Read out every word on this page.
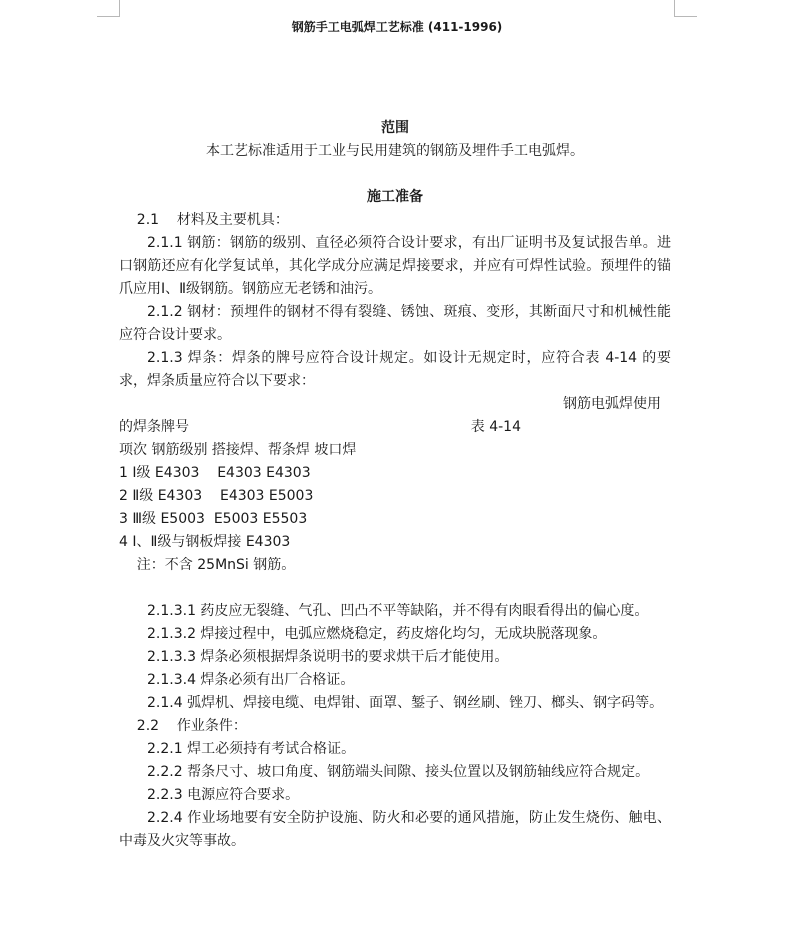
钢筋手工电弧焊工艺标准 (411-1996)
范围
本工艺标准适用于工业与民用建筑的钢筋及埋件手工电弧焊。
施工准备
2.1    材料及主要机具：
2.1.1 钢筋：钢筋的级别、直径必须符合设计要求，有出厂证明书及复试报告单。进口钢筋还应有化学复试单，其化学成分应满足焊接要求，并应有可焊性试验。预埋件的锚爪应用Ⅰ、Ⅱ级钢筋。钢筋应无老锈和油污。
2.1.2 钢材：预埋件的钢材不得有裂缝、锈蚀、斑痕、变形，其断面尺寸和机械性能应符合设计要求。
2.1.3 焊条：焊条的牌号应符合设计规定。如设计无规定时，应符合表 4-14 的要求，焊条质量应符合以下要求：
钢筋电弧焊使用
的焊条牌号	表 4-14
项次 钢筋级别 搭接焊、帮条焊 坡口焊
1 Ⅰ级 E4303    E4303 E4303
2 Ⅱ级 E4303    E4303 E5003
3 Ⅲ级 E5003  E5003 E5503
4 Ⅰ、Ⅱ级与钢板焊接 E4303
注：不含 25MnSi 钢筋。
2.1.3.1 药皮应无裂缝、气孔、凹凸不平等缺陷，并不得有肉眼看得出的偏心度。
2.1.3.2 焊接过程中，电弧应燃烧稳定，药皮熔化均匀，无成块脱落现象。
2.1.3.3 焊条必须根据焊条说明书的要求烘干后才能使用。
2.1.3.4 焊条必须有出厂合格证。
2.1.4 弧焊机、焊接电缆、电焊钳、面罩、錾子、钢丝刷、锉刀、榔头、钢字码等。
2.2    作业条件：
2.2.1 焊工必须持有考试合格证。
2.2.2 帮条尺寸、坡口角度、钢筋端头间隙、接头位置以及钢筋轴线应符合规定。
2.2.3 电源应符合要求。
2.2.4 作业场地要有安全防护设施、防火和必要的通风措施，防止发生烧伤、触电、中毒及火灾等事故。
